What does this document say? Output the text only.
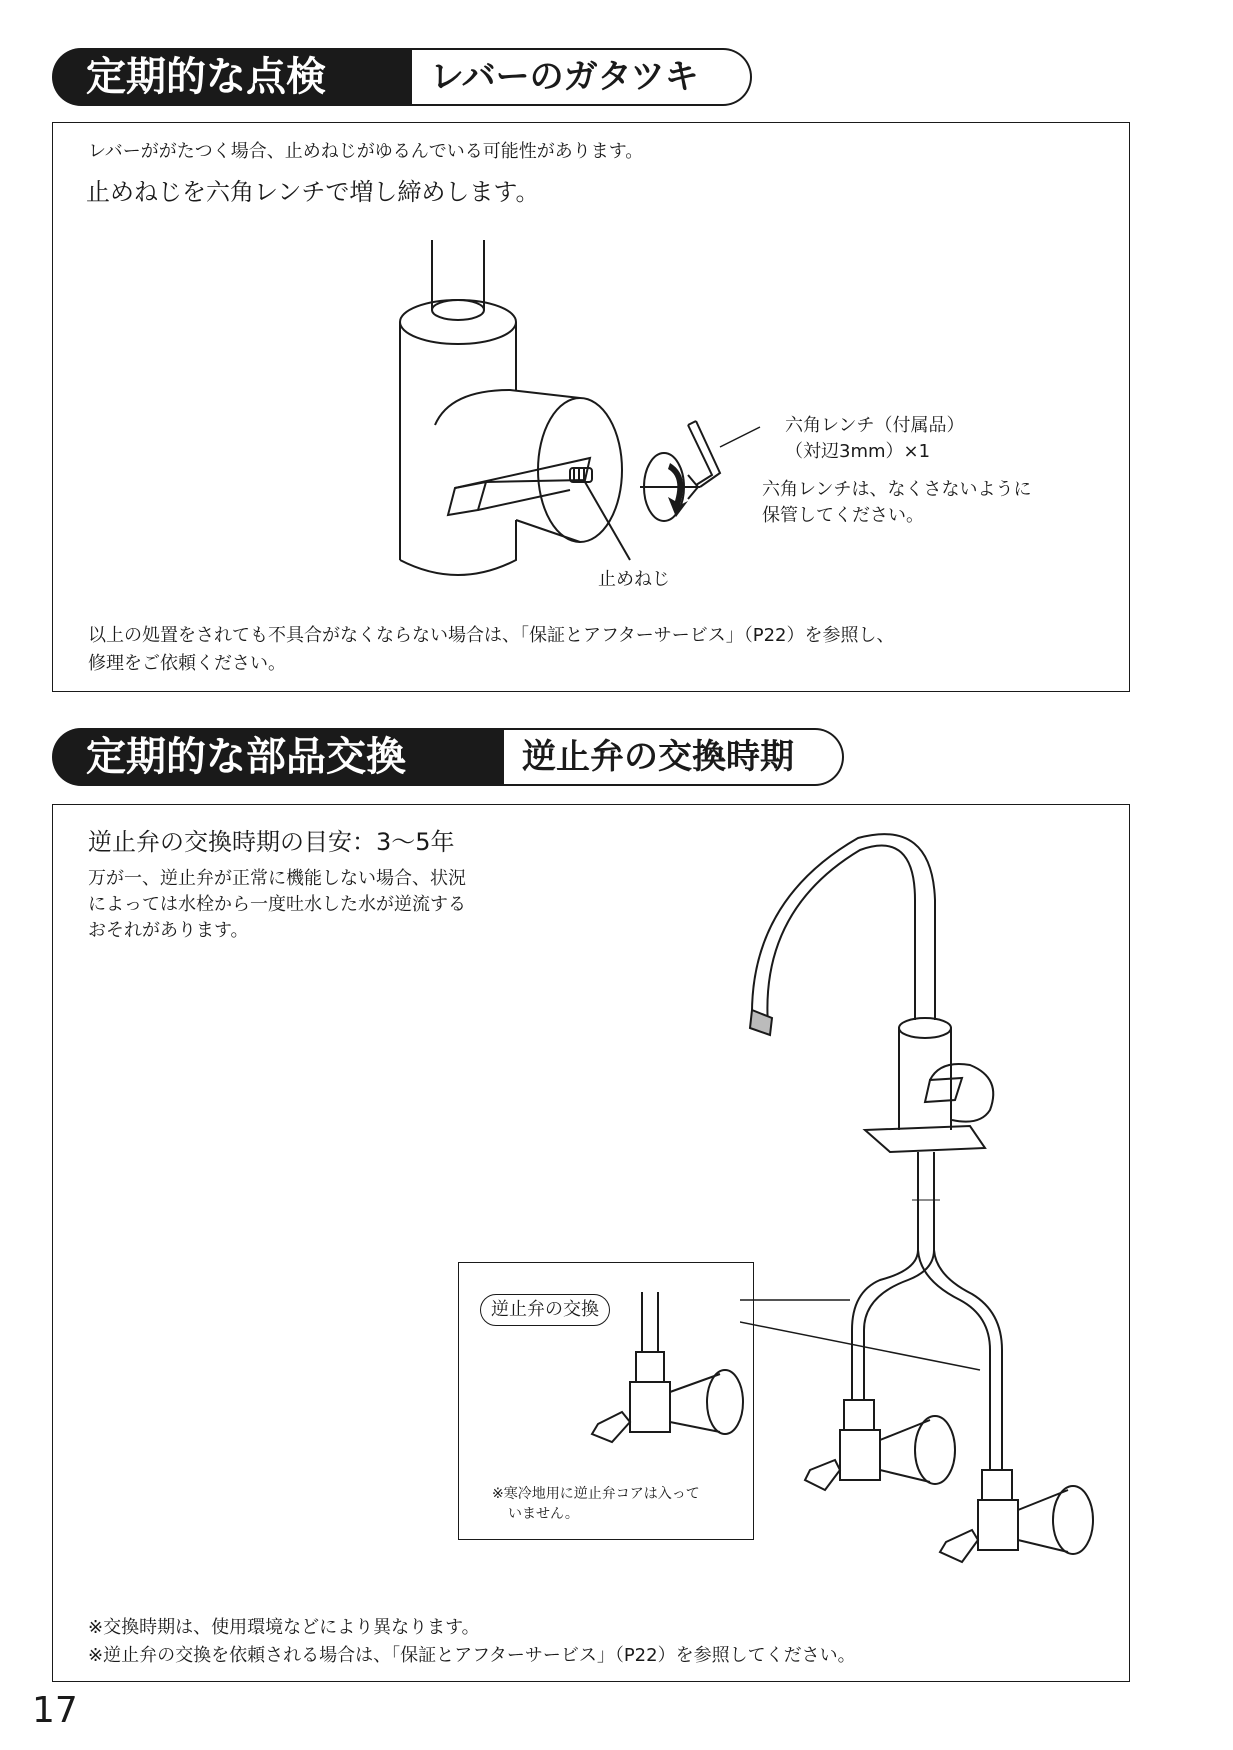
定期的な点検	レバーのガタツキ
レバーががたつく場合、止めねじがゆるんでいる可能性があります。
止めねじを六角レンチで増し締めします。
六角レンチ（付属品）
（対辺3mm）×1
六角レンチは、なくさないように
保管してください。
止めねじ
以上の処置をされても不具合がなくならない場合は、「保証とアフターサービス」（P22）を参照し、
修理をご依頼ください。
定期的な部品交換	逆止弁の交換時期
逆止弁の交換時期の目安：3〜5年
万が一、逆止弁が正常に機能しない場合、状況
によっては水栓から一度吐水した水が逆流する
おそれがあります。
逆止弁の交換
※寒冷地用に逆止弁コアは入って
いません。
※交換時期は、使用環境などにより異なります。
※逆止弁の交換を依頼される場合は、「保証とアフターサービス」（P22）を参照してください。
17
